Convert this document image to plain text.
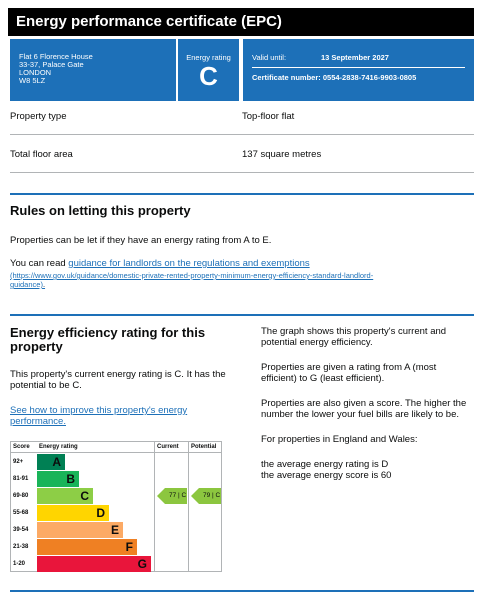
Energy performance certificate (EPC)
Flat 6 Florence House
33-37, Palace Gate
LONDON
W8 5LZ
Energy rating
C
Valid until:	13 September 2027
Certificate number: 0554-2838-7416-9903-0805
Property type	Top-floor flat
Total floor area	137 square metres
Rules on letting this property
Properties can be let if they have an energy rating from A to E.
You can read guidance for landlords on the regulations and exemptions
(https://www.gov.uk/guidance/domestic-private-rented-property-minimum-energy-efficiency-standard-landlord-
guidance).
Energy efficiency rating for this property
This property's current energy rating is C. It has the potential to be C.
See how to improve this property's energy performance.
The graph shows this property's current and potential energy efficiency.
Properties are given a rating from A (most efficient) to G (least efficient).
Properties are also given a score. The higher the number the lower your fuel bills are likely to be.
For properties in England and Wales:
the average energy rating is D
the average energy score is 60
Score Energy rating	Current Potential
92+	A
81-91	B
69-80	C
55-68	D
39-54	E
21-38	F
1-20	G
77 | C	79 | C
